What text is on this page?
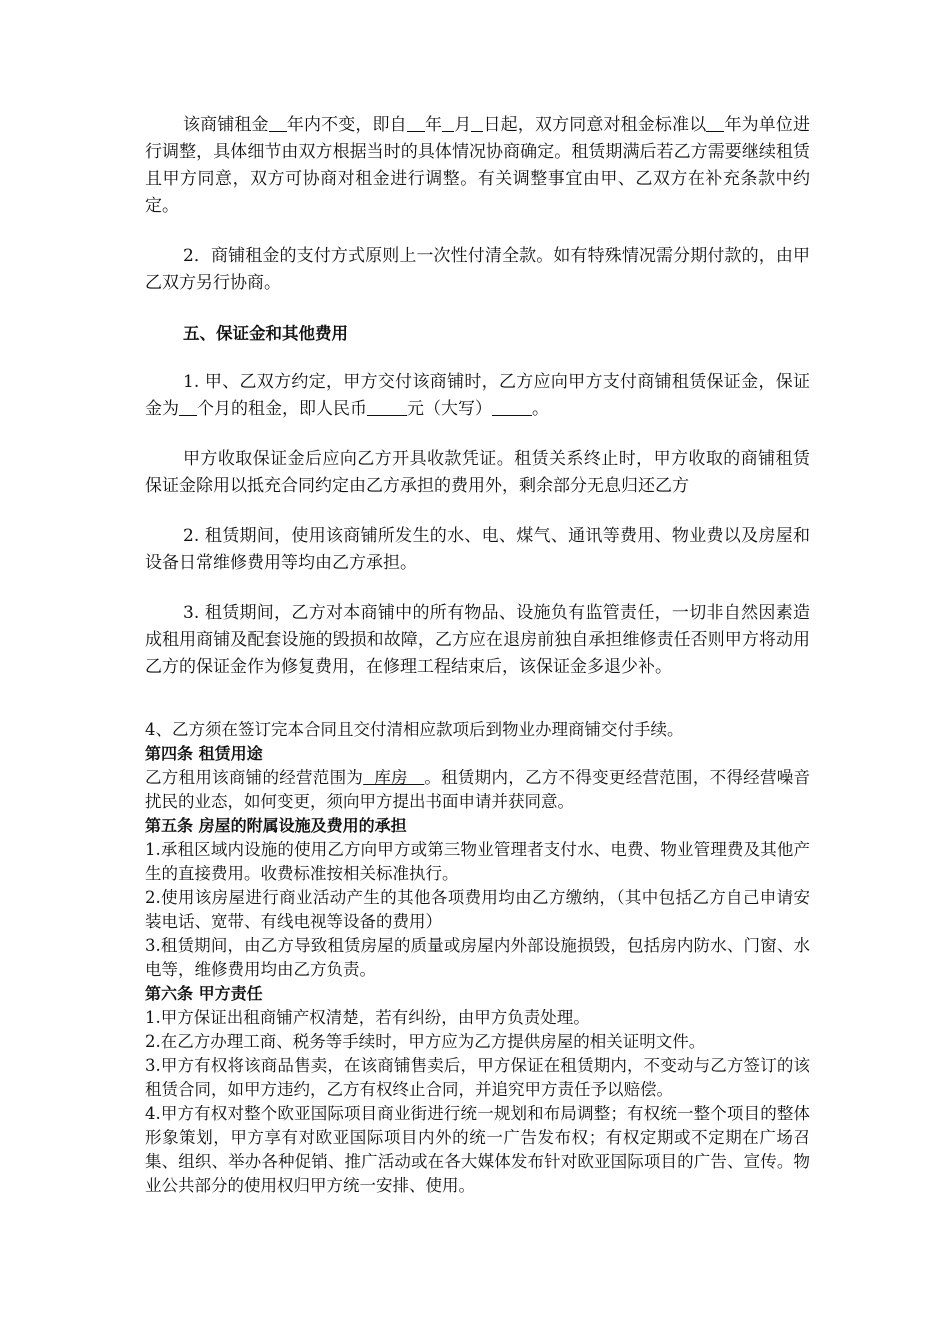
该商铺租金 年内不变，即自 年 月 日起，双方同意对租金标准以 年为单位进行调整，具体细节由双方根据当时的具体情况协商确定。租赁期满后若乙方需要继续租赁且甲方同意，双方可协商对租金进行调整。有关调整事宜由甲、乙双方在补充条款中约定。

2．商铺租金的支付方式原则上一次性付清全款。如有特殊情况需分期付款的，由甲乙双方另行协商。

五、保证金和其他费用

1. 甲、乙双方约定，甲方交付该商铺时，乙方应向甲方支付商铺租赁保证金，保证金为 个月的租金，即人民币 元（大写） 。

甲方收取保证金后应向乙方开具收款凭证。租赁关系终止时，甲方收取的商铺租赁保证金除用以抵充合同约定由乙方承担的费用外，剩余部分无息归还乙方

2. 租赁期间，使用该商铺所发生的水、电、煤气、通讯等费用、物业费以及房屋和设备日常维修费用等均由乙方承担。

3. 租赁期间，乙方对本商铺中的所有物品、设施负有监管责任，一切非自然因素造成租用商铺及配套设施的毁损和故障，乙方应在退房前独自承担维修责任否则甲方将动用乙方的保证金作为修复费用，在修理工程结束后，该保证金多退少补。

4、乙方须在签订完本合同且交付清相应款项后到物业办理商铺交付手续。

第四条 租赁用途

乙方租用该商铺的经营范围为  库房   。租赁期内，乙方不得变更经营范围，不得经营噪音扰民的业态，如何变更，须向甲方提出书面申请并获同意。

第五条 房屋的附属设施及费用的承担

1.承租区域内设施的使用乙方向甲方或第三物业管理者支付水、电费、物业管理费及其他产生的直接费用。收费标准按相关标准执行。

2.使用该房屋进行商业活动产生的其他各项费用均由乙方缴纳，（其中包括乙方自己申请安装电话、宽带、有线电视等设备的费用）

3.租赁期间，由乙方导致租赁房屋的质量或房屋内外部设施损毁，包括房内防水、门窗、水电等，维修费用均由乙方负责。

第六条 甲方责任

1.甲方保证出租商铺产权清楚，若有纠纷，由甲方负责处理。

2.在乙方办理工商、税务等手续时，甲方应为乙方提供房屋的相关证明文件。

3.甲方有权将该商品售卖，在该商铺售卖后，甲方保证在租赁期内，不变动与乙方签订的该租赁合同，如甲方违约，乙方有权终止合同，并追究甲方责任予以赔偿。

4.甲方有权对整个欧亚国际项目商业街进行统一规划和布局调整；有权统一整个项目的整体形象策划，甲方享有对欧亚国际项目内外的统一广告发布权；有权定期或不定期在广场召集、组织、举办各种促销、推广活动或在各大媒体发布针对欧亚国际项目的广告、宣传。物业公共部分的使用权归甲方统一安排、使用。
